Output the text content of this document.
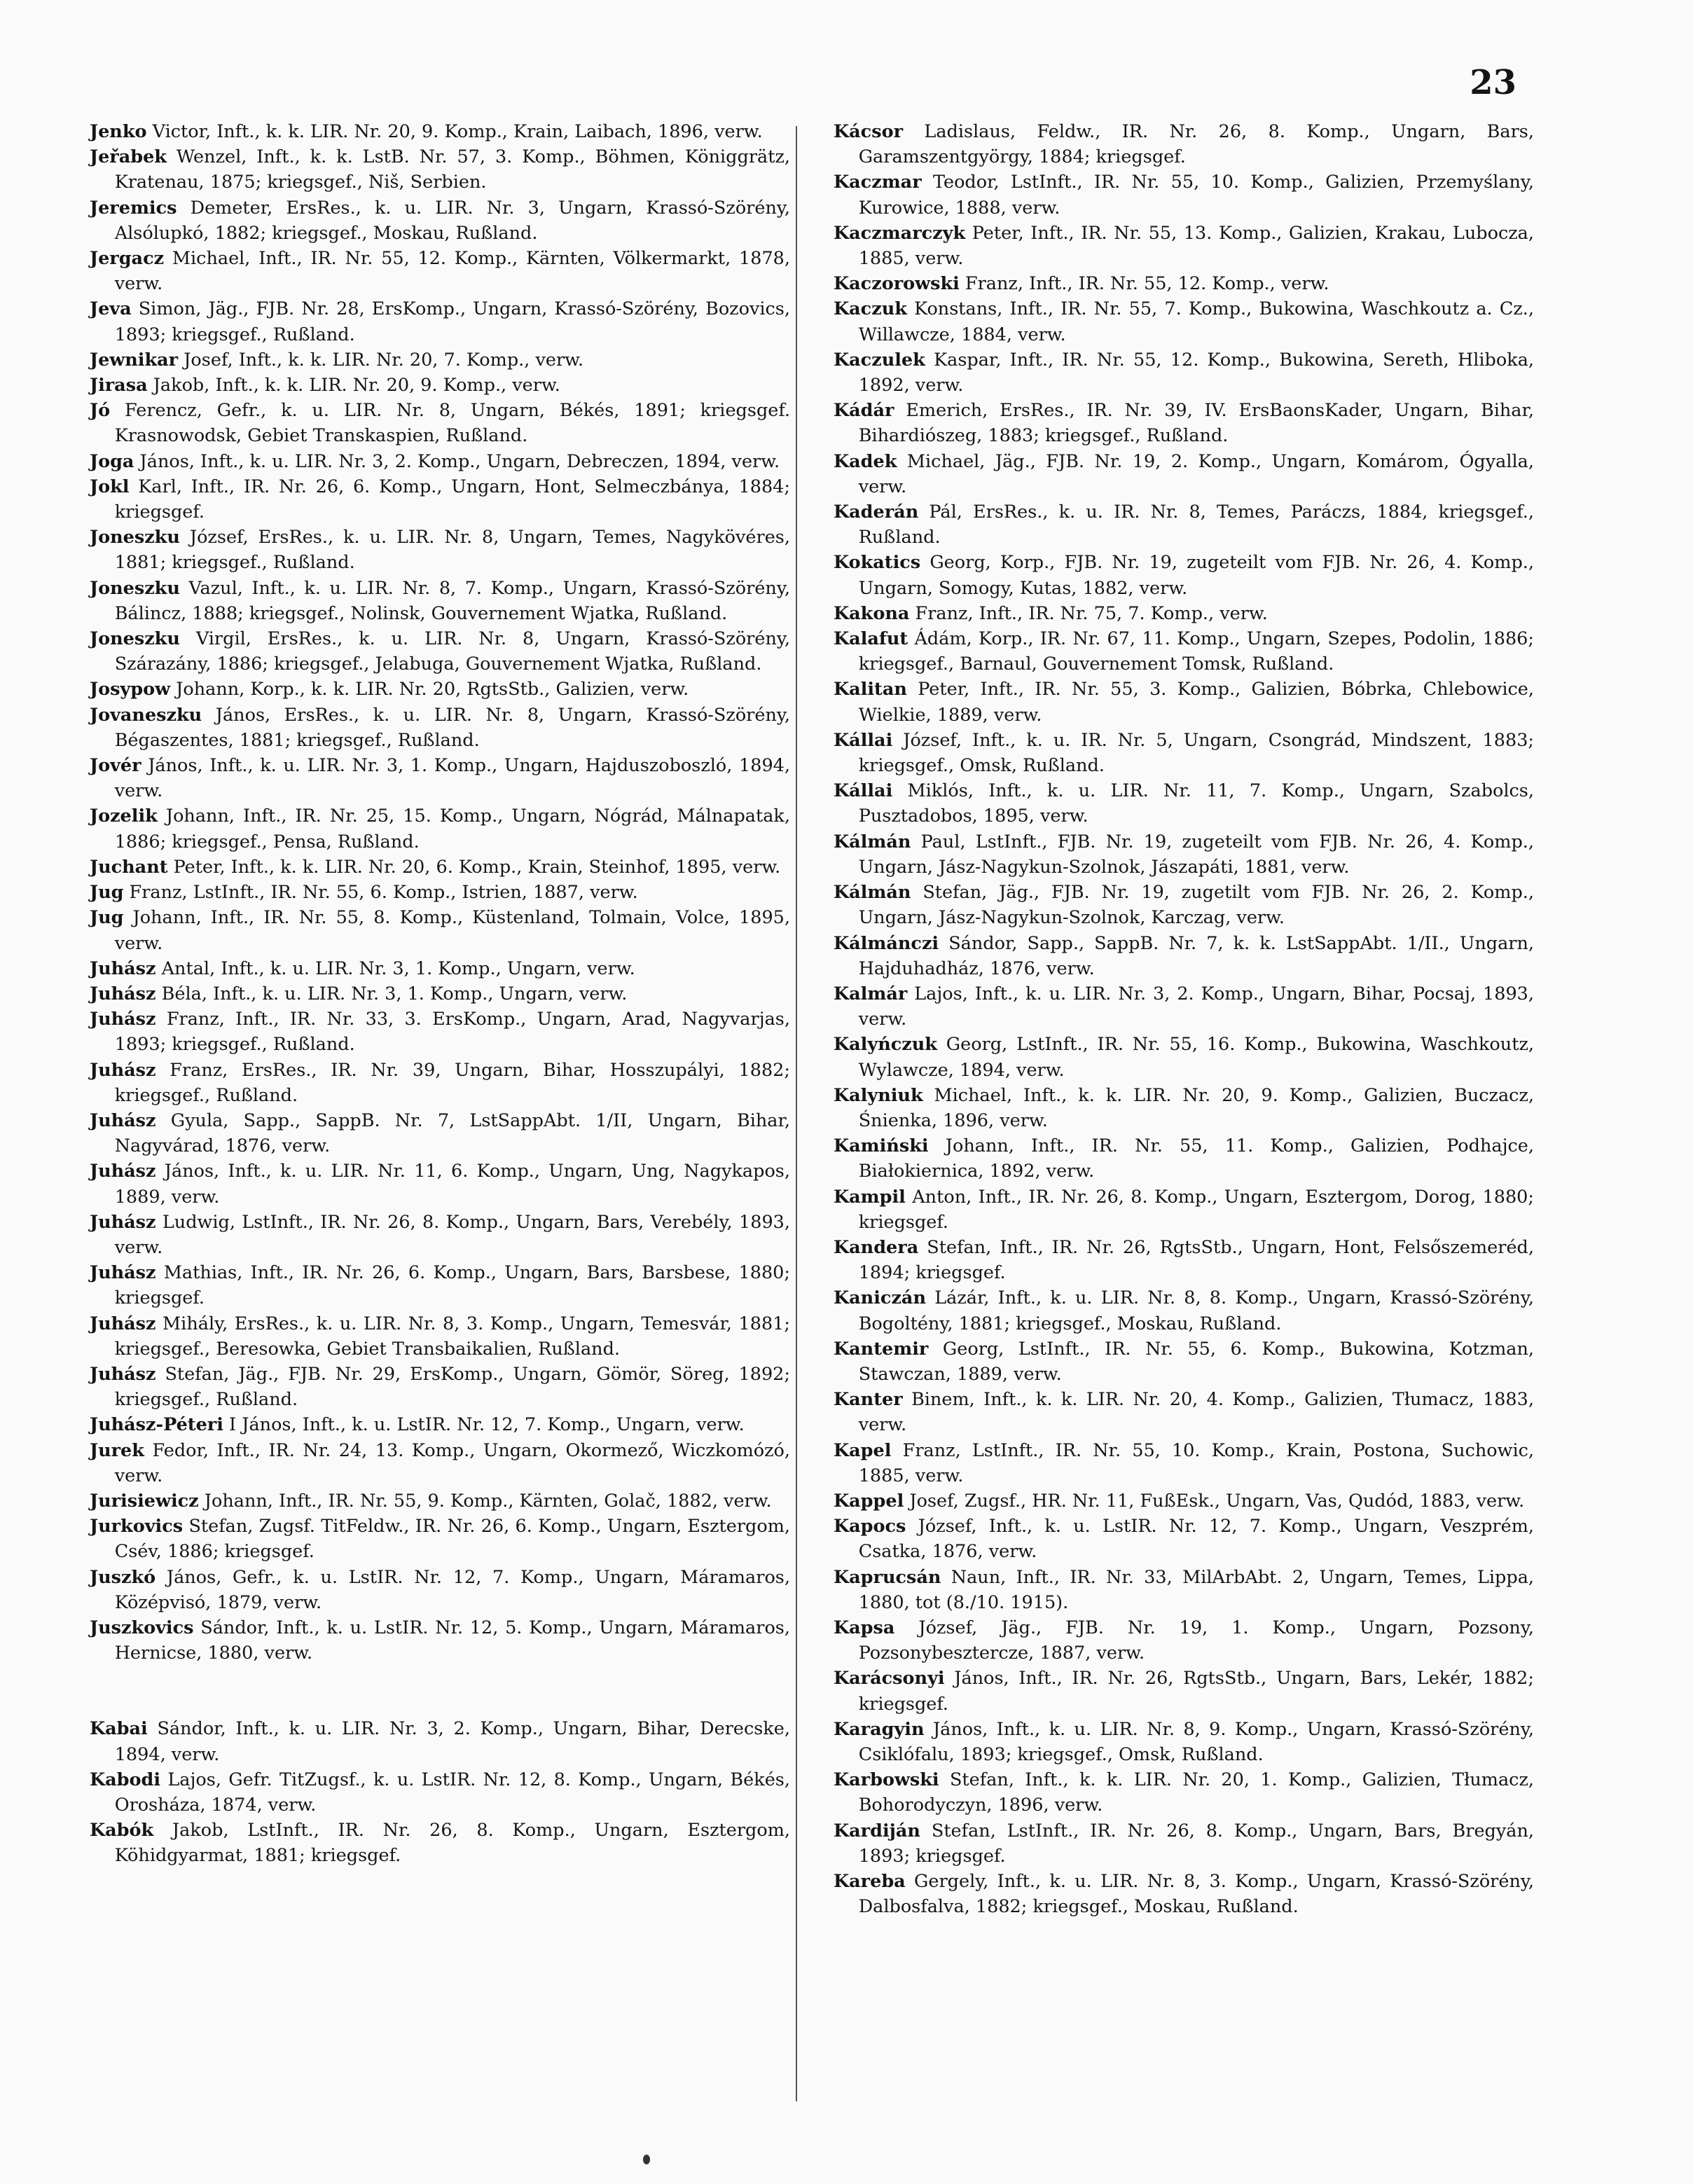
23

Jenko Victor, Inft., k. k. LIR. Nr. 20, 9. Komp., Krain, Laibach, 1896, verw.

Jeřabek Wenzel, Inft., k. k. LstB. Nr. 57, 3. Komp., Böhmen, Königgrätz, Kratenau, 1875; kriegsgef., Niš, Serbien.

Jeremics Demeter, ErsRes., k. u. LIR. Nr. 3, Ungarn, Krassó-Szörény, Alsólupkó, 1882; kriegsgef., Moskau, Rußland.

Jergacz Michael, Inft., IR. Nr. 55, 12. Komp., Kärnten, Völkermarkt, 1878, verw.

Jeva Simon, Jäg., FJB. Nr. 28, ErsKomp., Ungarn, Krassó-Szörény, Bozovics, 1893; kriegsgef., Rußland.

Jewnikar Josef, Inft., k. k. LIR. Nr. 20, 7. Komp., verw.

Jirasa Jakob, Inft., k. k. LIR. Nr. 20, 9. Komp., verw.

Jó Ferencz, Gefr., k. u. LIR. Nr. 8, Ungarn, Békés, 1891; kriegsgef. Krasnowodsk, Gebiet Transkaspien, Rußland.

Joga János, Inft., k. u. LIR. Nr. 3, 2. Komp., Ungarn, Debreczen, 1894, verw.

Jokl Karl, Inft., IR. Nr. 26, 6. Komp., Ungarn, Hont, Selmeczbánya, 1884; kriegsgef.

Joneszku József, ErsRes., k. u. LIR. Nr. 8, Ungarn, Temes, Nagykövéres, 1881; kriegsgef., Rußland.

Joneszku Vazul, Inft., k. u. LIR. Nr. 8, 7. Komp., Ungarn, Krassó-Szörény, Bálincz, 1888; kriegsgef., Nolinsk, Gouvernement Wjatka, Rußland.

Joneszku Virgil, ErsRes., k. u. LIR. Nr. 8, Ungarn, Krassó-Szörény, Szárazány, 1886; kriegsgef., Jelabuga, Gouvernement Wjatka, Rußland.

Josypow Johann, Korp., k. k. LIR. Nr. 20, RgtsStb., Galizien, verw.

Jovaneszku János, ErsRes., k. u. LIR. Nr. 8, Ungarn, Krassó-Szörény, Bégaszentes, 1881; kriegsgef., Rußland.

Jovér János, Inft., k. u. LIR. Nr. 3, 1. Komp., Ungarn, Hajduszoboszló, 1894, verw.

Jozelik Johann, Inft., IR. Nr. 25, 15. Komp., Ungarn, Nógrád, Málnapatak, 1886; kriegsgef., Pensa, Rußland.

Juchant Peter, Inft., k. k. LIR. Nr. 20, 6. Komp., Krain, Steinhof, 1895, verw.

Jug Franz, LstInft., IR. Nr. 55, 6. Komp., Istrien, 1887, verw.

Jug Johann, Inft., IR. Nr. 55, 8. Komp., Küstenland, Tolmain, Volce, 1895, verw.

Juhász Antal, Inft., k. u. LIR. Nr. 3, 1. Komp., Ungarn, verw.

Juhász Béla, Inft., k. u. LIR. Nr. 3, 1. Komp., Ungarn, verw.

Juhász Franz, Inft., IR. Nr. 33, 3. ErsKomp., Ungarn, Arad, Nagyvarjas, 1893; kriegsgef., Rußland.

Juhász Franz, ErsRes., IR. Nr. 39, Ungarn, Bihar, Hosszupályi, 1882; kriegsgef., Rußland.

Juhász Gyula, Sapp., SappB. Nr. 7, LstSappAbt. 1/II, Ungarn, Bihar, Nagyvárad, 1876, verw.

Juhász János, Inft., k. u. LIR. Nr. 11, 6. Komp., Ungarn, Ung, Nagykapos, 1889, verw.

Juhász Ludwig, LstInft., IR. Nr. 26, 8. Komp., Ungarn, Bars, Verebély, 1893, verw.

Juhász Mathias, Inft., IR. Nr. 26, 6. Komp., Ungarn, Bars, Barsbese, 1880; kriegsgef.

Juhász Mihály, ErsRes., k. u. LIR. Nr. 8, 3. Komp., Ungarn, Temesvár, 1881; kriegsgef., Beresowka, Gebiet Transbaikalien, Rußland.

Juhász Stefan, Jäg., FJB. Nr. 29, ErsKomp., Ungarn, Gömör, Söreg, 1892; kriegsgef., Rußland.

Juhász-Péteri I János, Inft., k. u. LstIR. Nr. 12, 7. Komp., Ungarn, verw.

Jurek Fedor, Inft., IR. Nr. 24, 13. Komp., Ungarn, Okormező, Wiczkomózó, verw.

Jurisiewicz Johann, Inft., IR. Nr. 55, 9. Komp., Kärnten, Golač, 1882, verw.

Jurkovics Stefan, Zugsf. TitFeldw., IR. Nr. 26, 6. Komp., Ungarn, Esztergom, Csév, 1886; kriegsgef.

Juszkó János, Gefr., k. u. LstIR. Nr. 12, 7. Komp., Ungarn, Máramaros, Középvisó, 1879, verw.

Juszkovics Sándor, Inft., k. u. LstIR. Nr. 12, 5. Komp., Ungarn, Máramaros, Hernicse, 1880, verw.

Kabai Sándor, Inft., k. u. LIR. Nr. 3, 2. Komp., Ungarn, Bihar, Derecske, 1894, verw.

Kabodi Lajos, Gefr. TitZugsf., k. u. LstIR. Nr. 12, 8. Komp., Ungarn, Békés, Orosháza, 1874, verw.

Kabók Jakob, LstInft., IR. Nr. 26, 8. Komp., Ungarn, Esztergom, Köhidgyarmat, 1881; kriegsgef.

Kácsor Ladislaus, Feldw., IR. Nr. 26, 8. Komp., Ungarn, Bars, Garamszentgyörgy, 1884; kriegsgef.

Kaczmar Teodor, LstInft., IR. Nr. 55, 10. Komp., Galizien, Przemyślany, Kurowice, 1888, verw.

Kaczmarczyk Peter, Inft., IR. Nr. 55, 13. Komp., Galizien, Krakau, Lubocza, 1885, verw.

Kaczorowski Franz, Inft., IR. Nr. 55, 12. Komp., verw.

Kaczuk Konstans, Inft., IR. Nr. 55, 7. Komp., Bukowina, Waschkoutz a. Cz., Willawcze, 1884, verw.

Kaczulek Kaspar, Inft., IR. Nr. 55, 12. Komp., Bukowina, Sereth, Hliboka, 1892, verw.

Kádár Emerich, ErsRes., IR. Nr. 39, IV. ErsBaonsKader, Ungarn, Bihar, Bihardiószeg, 1883; kriegsgef., Rußland.

Kadek Michael, Jäg., FJB. Nr. 19, 2. Komp., Ungarn, Komárom, Ógyalla, verw.

Kaderán Pál, ErsRes., k. u. IR. Nr. 8, Temes, Paráczs, 1884, kriegsgef., Rußland.

Kokatics Georg, Korp., FJB. Nr. 19, zugeteilt vom FJB. Nr. 26, 4. Komp., Ungarn, Somogy, Kutas, 1882, verw.

Kakona Franz, Inft., IR. Nr. 75, 7. Komp., verw.

Kalafut Ádám, Korp., IR. Nr. 67, 11. Komp., Ungarn, Szepes, Podolin, 1886; kriegsgef., Barnaul, Gouvernement Tomsk, Rußland.

Kalitan Peter, Inft., IR. Nr. 55, 3. Komp., Galizien, Bóbrka, Chlebowice, Wielkie, 1889, verw.

Kállai József, Inft., k. u. IR. Nr. 5, Ungarn, Csongrád, Mindszent, 1883; kriegsgef., Omsk, Rußland.

Kállai Miklós, Inft., k. u. LIR. Nr. 11, 7. Komp., Ungarn, Szabolcs, Pusztadobos, 1895, verw.

Kálmán Paul, LstInft., FJB. Nr. 19, zugeteilt vom FJB. Nr. 26, 4. Komp., Ungarn, Jász-Nagykun-Szolnok, Jászapáti, 1881, verw.

Kálmán Stefan, Jäg., FJB. Nr. 19, zugetilt vom FJB. Nr. 26, 2. Komp., Ungarn, Jász-Nagykun-Szolnok, Karczag, verw.

Kálmánczi Sándor, Sapp., SappB. Nr. 7, k. k. LstSappAbt. 1/II., Ungarn, Hajduhadház, 1876, verw.

Kalmár Lajos, Inft., k. u. LIR. Nr. 3, 2. Komp., Ungarn, Bihar, Pocsaj, 1893, verw.

Kalyńczuk Georg, LstInft., IR. Nr. 55, 16. Komp., Bukowina, Waschkoutz, Wylawcze, 1894, verw.

Kalyniuk Michael, Inft., k. k. LIR. Nr. 20, 9. Komp., Galizien, Buczacz, Śnienka, 1896, verw.

Kamiński Johann, Inft., IR. Nr. 55, 11. Komp., Galizien, Podhajce, Białokiernica, 1892, verw.

Kampil Anton, Inft., IR. Nr. 26, 8. Komp., Ungarn, Esztergom, Dorog, 1880; kriegsgef.

Kandera Stefan, Inft., IR. Nr. 26, RgtsStb., Ungarn, Hont, Felsőszemeréd, 1894; kriegsgef.

Kaniczán Lázár, Inft., k. u. LIR. Nr. 8, 8. Komp., Ungarn, Krassó-Szörény, Bogoltény, 1881; kriegsgef., Moskau, Rußland.

Kantemir Georg, LstInft., IR. Nr. 55, 6. Komp., Bukowina, Kotzman, Stawczan, 1889, verw.

Kanter Binem, Inft., k. k. LIR. Nr. 20, 4. Komp., Galizien, Tłumacz, 1883, verw.

Kapel Franz, LstInft., IR. Nr. 55, 10. Komp., Krain, Postona, Suchowic, 1885, verw.

Kappel Josef, Zugsf., HR. Nr. 11, FußEsk., Ungarn, Vas, Qudód, 1883, verw.

Kapocs József, Inft., k. u. LstIR. Nr. 12, 7. Komp., Ungarn, Veszprém, Csatka, 1876, verw.

Kaprucsán Naun, Inft., IR. Nr. 33, MilArbAbt. 2, Ungarn, Temes, Lippa, 1880, tot (8./10. 1915).

Kapsa József, Jäg., FJB. Nr. 19, 1. Komp., Ungarn, Pozsony, Pozsonybesztercze, 1887, verw.

Karácsonyi János, Inft., IR. Nr. 26, RgtsStb., Ungarn, Bars, Lekér, 1882; kriegsgef.

Karagyin János, Inft., k. u. LIR. Nr. 8, 9. Komp., Ungarn, Krassó-Szörény, Csiklófalu, 1893; kriegsgef., Omsk, Rußland.

Karbowski Stefan, Inft., k. k. LIR. Nr. 20, 1. Komp., Galizien, Tłumacz, Bohorodyczyn, 1896, verw.

Kardiján Stefan, LstInft., IR. Nr. 26, 8. Komp., Ungarn, Bars, Bregyán, 1893; kriegsgef.

Kareba Gergely, Inft., k. u. LIR. Nr. 8, 3. Komp., Ungarn, Krassó-Szörény, Dalbosfalva, 1882; kriegsgef., Moskau, Rußland.
